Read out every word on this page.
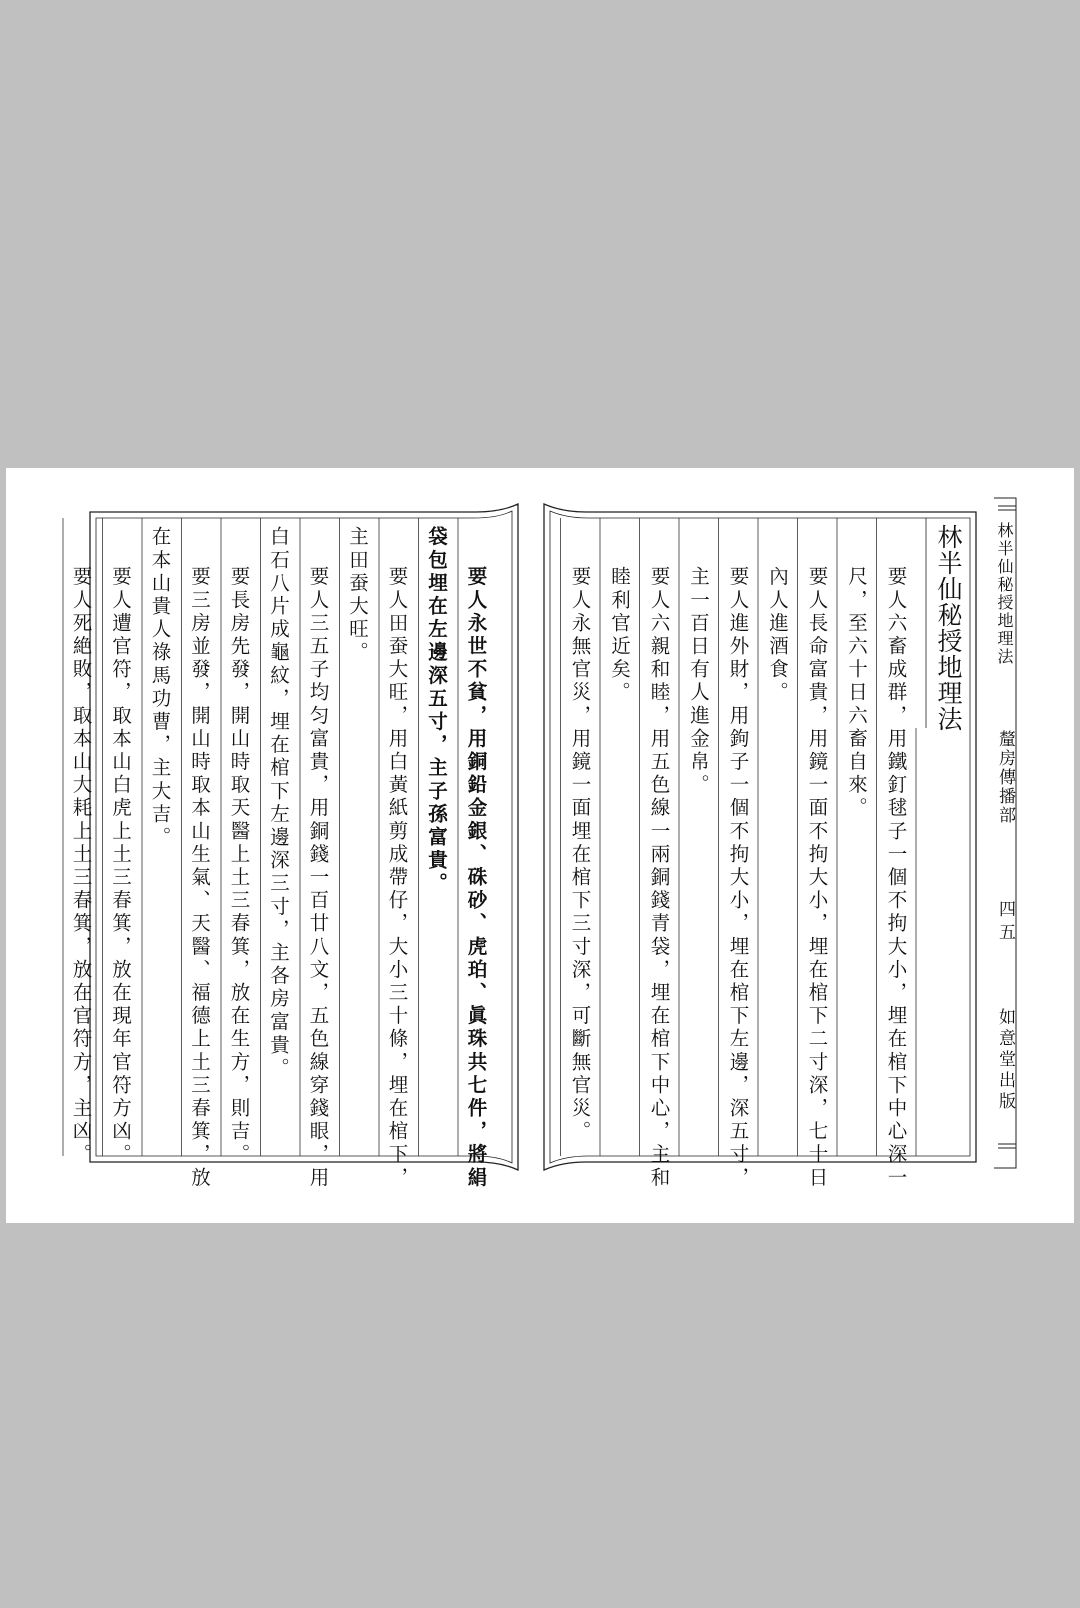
林半仙秘授地理法
要人六畜成群，用鐵釘毬子一個不拘大小，埋在棺下中心深一
尺，至六十日六畜自來。
要人長命富貴，用鏡一面不拘大小，埋在棺下二寸深，七十日
內人進酒食。
要人進外財，用鉤子一個不拘大小，埋在棺下左邊，深五寸，
主一百日有人進金帛。
要人六親和睦，用五色線一兩銅錢青袋，埋在棺下中心，主和
睦利官近矣。
要人永無官災，用鏡一面埋在棺下三寸深，可斷無官災。
要人永世不貧，用銅鉛金銀、硃砂、虎珀、眞珠共七件，將絹
袋包埋在左邊深五寸，主子孫富貴。
要人田蚕大旺，用白黃紙剪成帶仔，大小三十條，埋在棺下，
主田蚕大旺。
要人三五子均匀富貴，用銅錢一百廿八文，五色線穿錢眼，用
白石八片成龜紋，埋在棺下左邊深三寸，主各房富貴。
要長房先發，開山時取天醫上土三春箕，放在生方，則吉。
要三房並發，開山時取本山生氣、天醫、福德上土三春箕，放
在本山貴人祿馬功曹，主大吉。
要人遭官符，取本山白虎上土三春箕，放在現年官符方凶。
要人死絶敗，取本山大耗上土三春箕，放在官符方，主凶。	林半仙秘授地理法
釐房傳播部
四五
如意堂出版
